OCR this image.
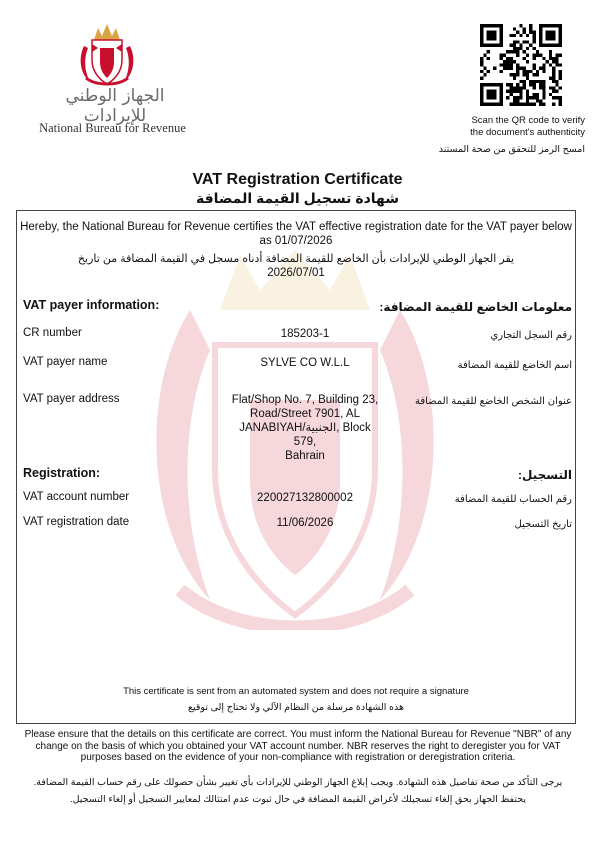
الجهاز الوطني للإيرادات
National Bureau for Revenue
Scan the QR code to verify
the document's authenticity
امسح الرمز للتحقق من صحة المستند
VAT Registration Certificate
شهادة تسجيل القيمة المضافة
Hereby, the National Bureau for Revenue certifies the VAT effective registration date for the VAT payer below as 01/07/2026
يقر الجهاز الوطني للإيرادات بأن الخاضع للقيمة المضافة أدناه مسجل في القيمة المضافة من تاريخ
2026/07/01
VAT payer information:	معلومات الخاضع للقيمة المضافة:
CR number	185203-1	رقم السجل التجاري
VAT payer name	SYLVE CO W.L.L	اسم الخاضع للقيمة المضافة
VAT payer address	Flat/Shop No. 7, Building 23,
Road/Street 7901, AL
JANABIYAH/الجنبية, Block 579,
Bahrain
عنوان الشخص الخاضع للقيمة المضافة
Registration:	التسجيل:
VAT account number	220027132800002	رقم الحساب للقيمة المضافة
VAT registration date	11/06/2026	تاريخ التسجيل
This certificate is sent from an automated system and does not require a signature
هذه الشهادة مرسلة من النظام الآلي ولا تحتاج إلى توقيع
Please ensure that the details on this certificate are correct. You must inform the National Bureau for Revenue "NBR" of any change on the basis of which you obtained your VAT account number. NBR reserves the right to deregister you for VAT purposes based on the evidence of your non-compliance with registration or deregistration criteria.
يرجى التأكد من صحة تفاصيل هذه الشهادة. ويجب إبلاغ الجهاز الوطني للإيرادات بأي تغيير بشأن حصولك على رقم حساب القيمة المضافة.
يحتفظ الجهاز بحق إلغاء تسجيلك لأغراض القيمة المضافة في حال ثبوت عدم امتثالك لمعايير التسجيل أو إلغاء التسجيل.
